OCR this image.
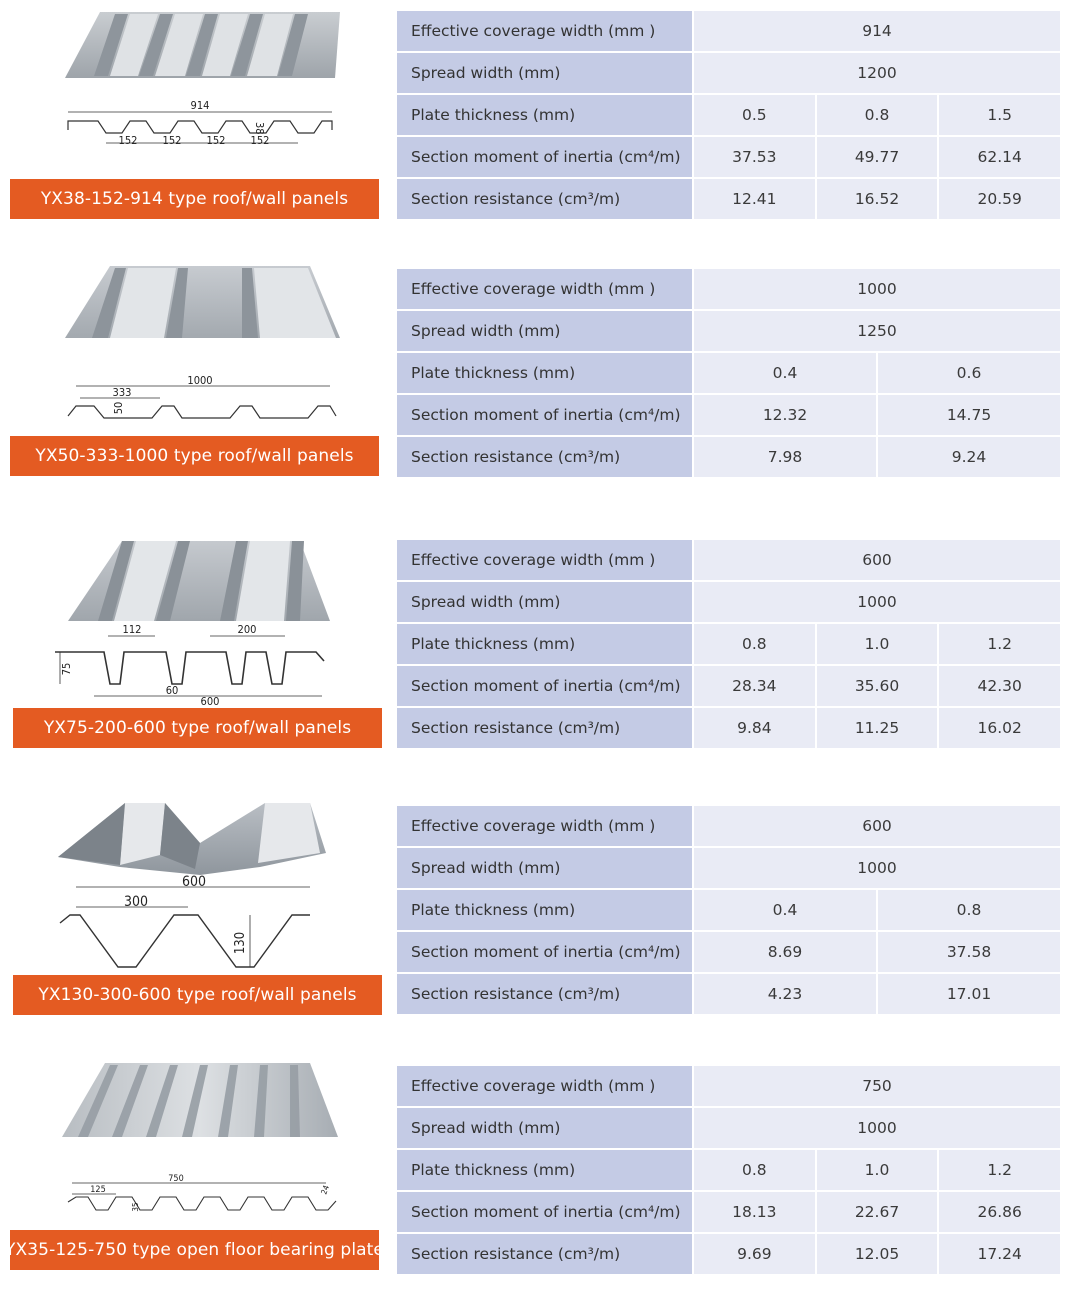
914
152 152 152 152
38
YX38-152-914 type roof/wall panels
Effective coverage width (mm )	914
Spread width (mm)	1200
Plate thickness (mm)	0.5	0.8	1.5
Section moment of inertia (cm⁴/m)	37.53	49.77	62.14
Section resistance (cm³/m)	12.41	16.52	20.59
1000
333
50
YX50-333-1000 type roof/wall panels
Effective coverage width (mm )	1000
Spread width (mm)	1250
Plate thickness (mm)	0.4	0.6
Section moment of inertia (cm⁴/m)	12.32	14.75
Section resistance (cm³/m)	7.98	9.24
112	200
75
60
600
YX75-200-600 type roof/wall panels
Effective coverage width (mm )	600
Spread width (mm)	1000
Plate thickness (mm)	0.8	1.0	1.2
Section moment of inertia (cm⁴/m)	28.34	35.60	42.30
Section resistance (cm³/m)	9.84	11.25	16.02
600
300
130
YX130-300-600 type roof/wall panels
Effective coverage width (mm )	600
Spread width (mm)	1000
Plate thickness (mm)	0.4	0.8
Section moment of inertia (cm⁴/m)	8.69	37.58
Section resistance (cm³/m)	4.23	17.01
750
125
35
24
YX35-125-750 type open floor bearing plate
Effective coverage width (mm )	750
Spread width (mm)	1000
Plate thickness (mm)	0.8	1.0	1.2
Section moment of inertia (cm⁴/m)	18.13	22.67	26.86
Section resistance (cm³/m)	9.69	12.05	17.24
